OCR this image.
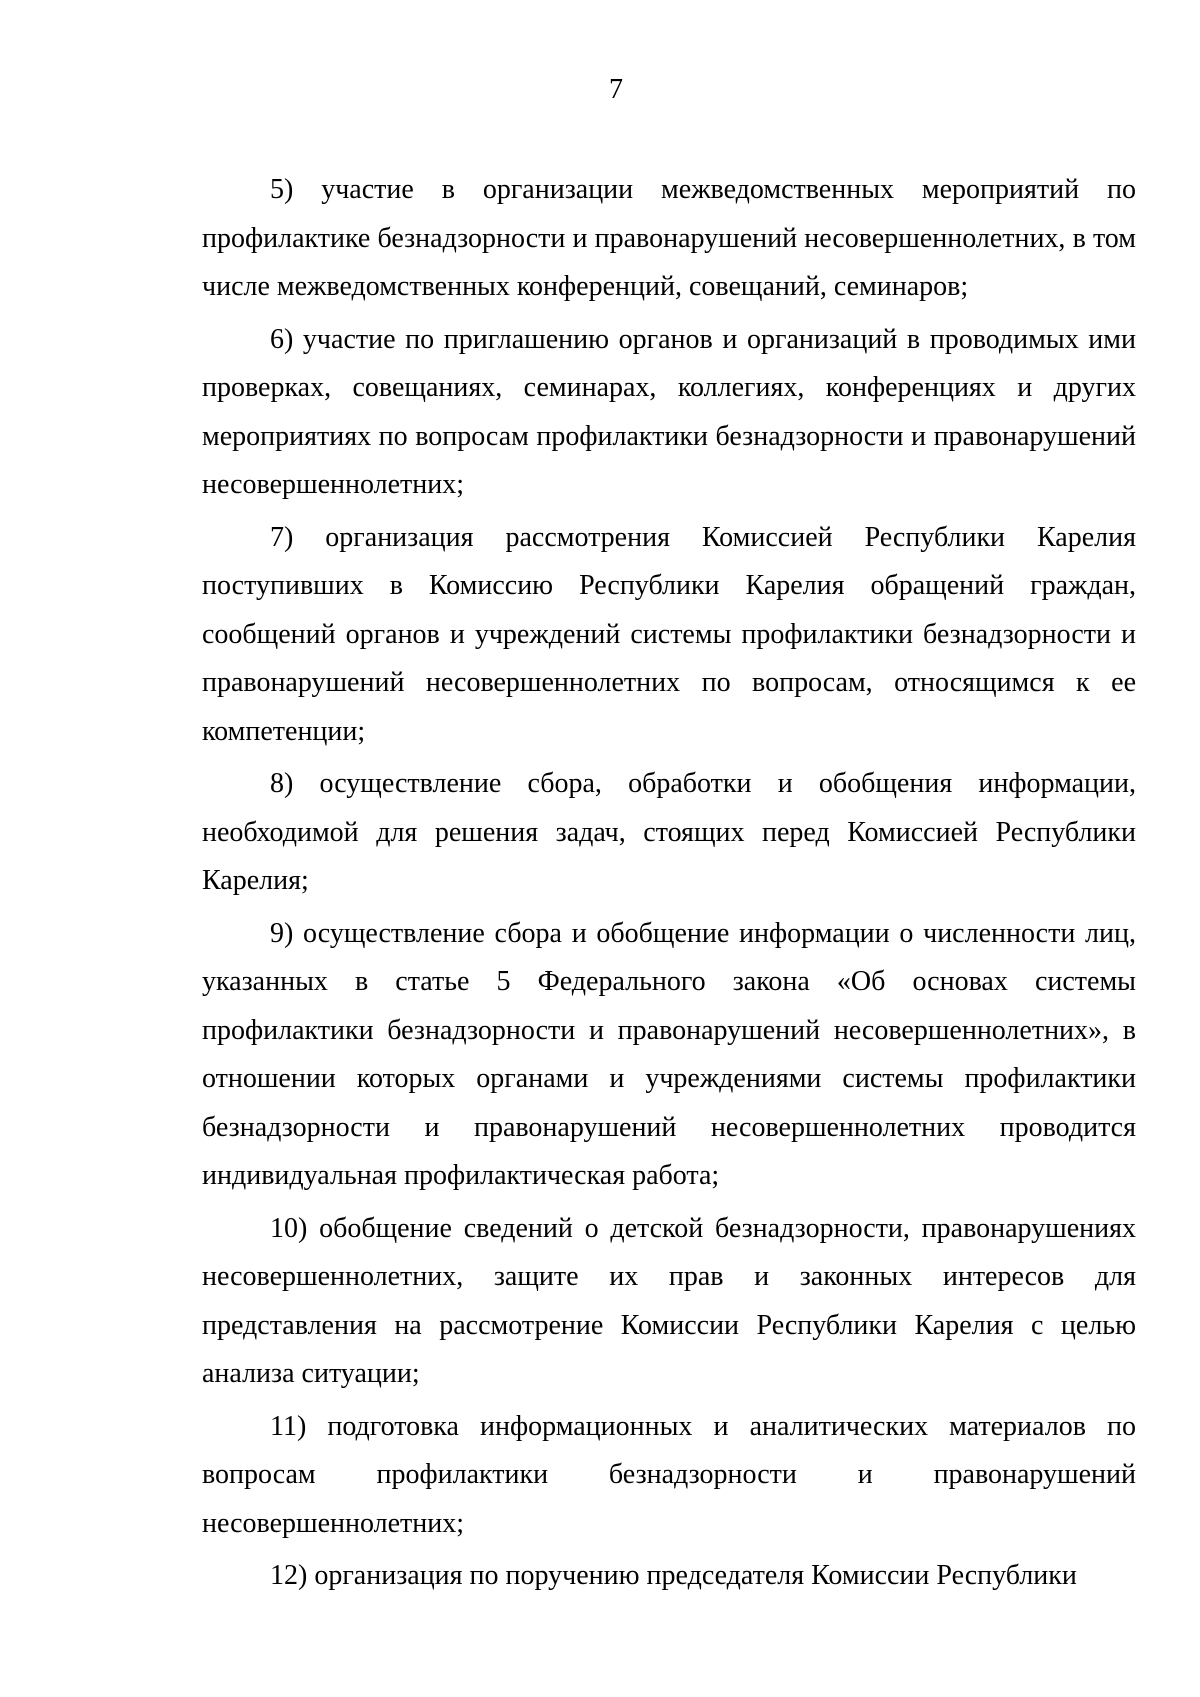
7

5) участие в организации межведомственных мероприятий по профилактике безнадзорности и правонарушений несовершеннолетних, в том числе межведомственных конференций, совещаний, семинаров;

6) участие по приглашению органов и организаций в проводимых ими проверках, совещаниях, семинарах, коллегиях, конференциях и других мероприятиях по вопросам профилактики безнадзорности и правонарушений несовершеннолетних;

7) организация рассмотрения Комиссией Республики Карелия поступивших в Комиссию Республики Карелия обращений граждан, сообщений органов и учреждений системы профилактики безнадзорности и правонарушений несовершеннолетних по вопросам, относящимся к ее компетенции;

8) осуществление сбора, обработки и обобщения информации, необходимой для решения задач, стоящих перед Комиссией Республики Карелия;

9) осуществление сбора и обобщение информации о численности лиц, указанных в статье 5 Федерального закона «Об основах системы профилактики безнадзорности и правонарушений несовершеннолетних», в отношении которых органами и учреждениями системы профилактики безнадзорности и правонарушений несовершеннолетних проводится индивидуальная профилактическая работа;

10) обобщение сведений о детской безнадзорности, правонарушениях несовершеннолетних, защите их прав и законных интересов для представления на рассмотрение Комиссии Республики Карелия с целью анализа ситуации;

11) подготовка информационных и аналитических материалов по вопросам профилактики безнадзорности и правонарушений несовершеннолетних;

12) организация по поручению председателя Комиссии Республики
